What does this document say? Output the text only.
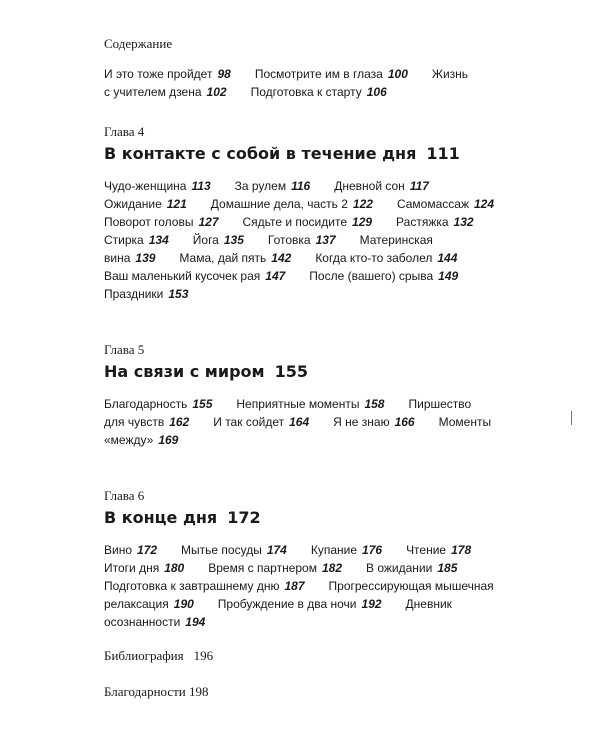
Содержание
И это тоже пройдет 98 Посмотрите им в глаза 100 Жизнь
с учителем дзена 102 Подготовка к старту 106
Глава 4
В контакте с собой в течение дня 111
Чудо-женщина 113 За рулем 116 Дневной сон 117
Ожидание 121 Домашние дела, часть 2 122 Самомассаж 124
Поворот головы 127 Сядьте и посидите 129 Растяжка 132
Стирка 134 Йога 135 Готовка 137 Материнская
вина 139 Мама, дай пять 142 Когда кто-то заболел 144
Ваш маленький кусочек рая 147 После (вашего) срыва 149
Праздники 153
Глава 5
На связи с миром 155
Благодарность 155 Неприятные моменты 158 Пиршество
для чувств 162 И так сойдет 164 Я не знаю 166 Моменты
«между» 169
Глава 6
В конце дня 172
Вино 172 Мытье посуды 174 Купание 176 Чтение 178
Итоги дня 180 Время с партнером 182 В ожидании 185
Подготовка к завтрашнему дню 187 Прогрессирующая мышечная
релаксация 190 Пробуждение в два ночи 192 Дневник
осознанности 194
Библиография 196
Благодарности 198
